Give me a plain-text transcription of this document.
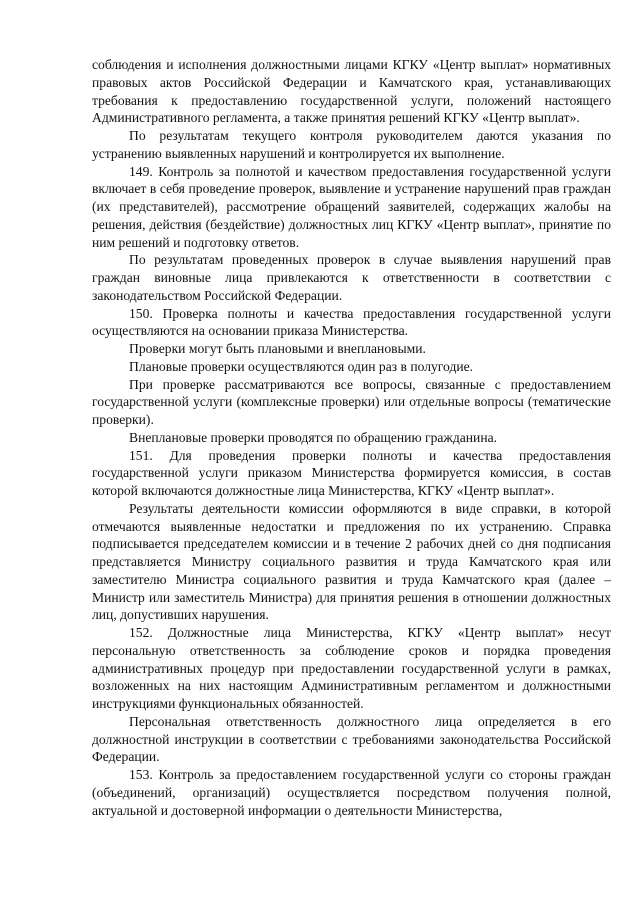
соблюдения и исполнения должностными лицами КГКУ «Центр выплат» нормативных правовых актов Российской Федерации и Камчатского края, устанавливающих требования к предоставлению государственной услуги, положений настоящего Административного регламента, а также принятия решений КГКУ «Центр выплат».

По результатам текущего контроля руководителем даются указания по устранению выявленных нарушений и контролируется их выполнение.

149. Контроль за полнотой и качеством предоставления государственной услуги включает в себя проведение проверок, выявление и устранение нарушений прав граждан (их представителей), рассмотрение обращений заявителей, содержащих жалобы на решения, действия (бездействие) должностных лиц КГКУ «Центр выплат», принятие по ним решений и подготовку ответов.

По результатам проведенных проверок в случае выявления нарушений прав граждан виновные лица привлекаются к ответственности в соответствии с законодательством Российской Федерации.

150. Проверка полноты и качества предоставления государственной услуги осуществляются на основании приказа Министерства.

Проверки могут быть плановыми и внеплановыми.

Плановые проверки осуществляются один раз в полугодие.

При проверке рассматриваются все вопросы, связанные с предоставлением государственной услуги (комплексные проверки) или отдельные вопросы (тематические проверки).

Внеплановые проверки проводятся по обращению гражданина.

151. Для проведения проверки полноты и качества предоставления государственной услуги приказом Министерства формируется комиссия, в состав которой включаются должностные лица Министерства, КГКУ «Центр выплат».

Результаты деятельности комиссии оформляются в виде справки, в которой отмечаются выявленные недостатки и предложения по их устранению. Справка подписывается председателем комиссии и в течение 2 рабочих дней со дня подписания представляется Министру социального развития и труда Камчатского края или заместителю Министра социального развития и труда Камчатского края (далее – Министр или заместитель Министра) для принятия решения в отношении должностных лиц, допустивших нарушения.

152. Должностные лица Министерства, КГКУ «Центр выплат» несут персональную ответственность за соблюдение сроков и порядка проведения административных процедур при предоставлении государственной услуги в рамках, возложенных на них настоящим Административным регламентом и должностными инструкциями функциональных обязанностей.

Персональная ответственность должностного лица определяется в его должностной инструкции в соответствии с требованиями законодательства Российской Федерации.

153. Контроль за предоставлением государственной услуги со стороны граждан (объединений, организаций) осуществляется посредством получения полной, актуальной и достоверной информации о деятельности Министерства,
